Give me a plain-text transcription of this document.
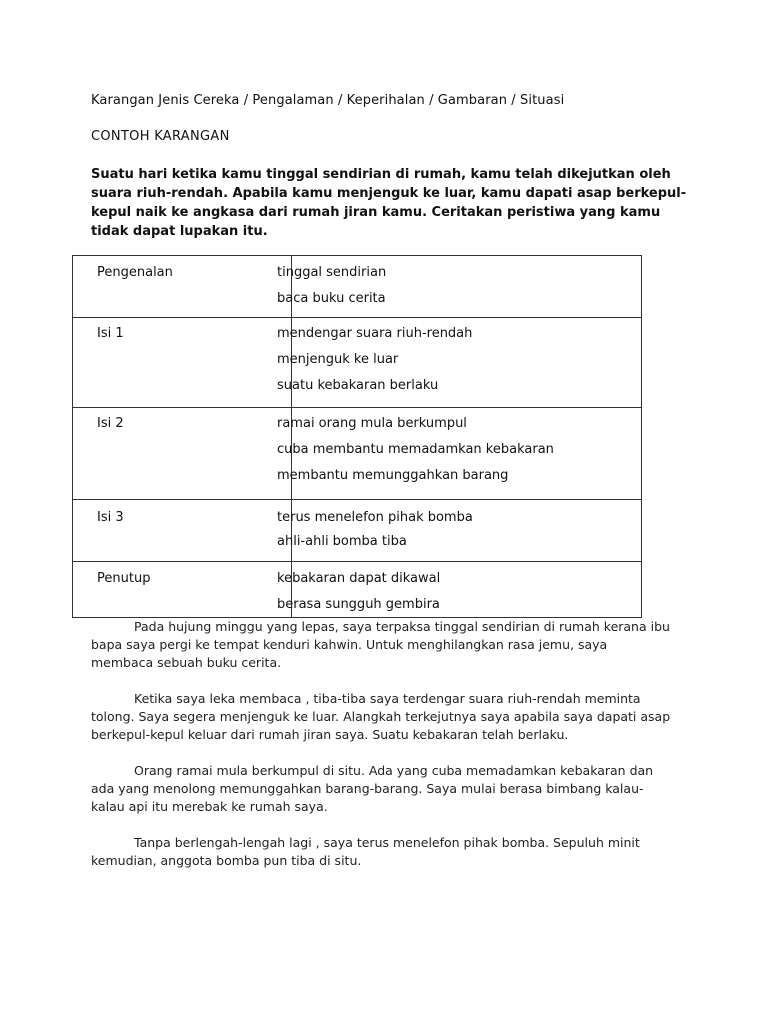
Karangan Jenis Cereka / Pengalaman / Keperihalan / Gambaran / Situasi
CONTOH KARANGAN
Suatu hari ketika kamu tinggal sendirian di rumah, kamu telah dikejutkan oleh
suara riuh-rendah. Apabila kamu menjenguk ke luar, kamu dapati asap berkepul-
kepul naik ke angkasa dari rumah jiran kamu. Ceritakan peristiwa yang kamu
tidak dapat lupakan itu.
Pengenalan	tinggal sendirian
baca buku cerita
Isi 1	mendengar suara riuh-rendah
menjenguk ke luar
suatu kebakaran berlaku
Isi 2	ramai orang mula berkumpul
cuba membantu memadamkan kebakaran
membantu memunggahkan barang
Isi 3	terus menelefon pihak bomba
ahli-ahli bomba tiba
Penutup	kebakaran dapat dikawal
berasa sungguh gembira

Pada hujung minggu yang lepas, saya terpaksa tinggal sendirian di rumah kerana ibu
bapa saya pergi ke tempat kenduri kahwin. Untuk menghilangkan rasa jemu, saya
membaca sebuah buku cerita.

Ketika saya leka membaca , tiba-tiba saya terdengar suara riuh-rendah meminta
tolong. Saya segera menjenguk ke luar. Alangkah terkejutnya saya apabila saya dapati asap
berkepul-kepul keluar dari rumah jiran saya. Suatu kebakaran telah berlaku.

Orang ramai mula berkumpul di situ. Ada yang cuba memadamkan kebakaran dan
ada yang menolong memunggahkan barang-barang. Saya mulai berasa bimbang kalau-
kalau api itu merebak ke rumah saya.

Tanpa berlengah-lengah lagi , saya terus menelefon pihak bomba. Sepuluh minit
kemudian, anggota bomba pun tiba di situ.
